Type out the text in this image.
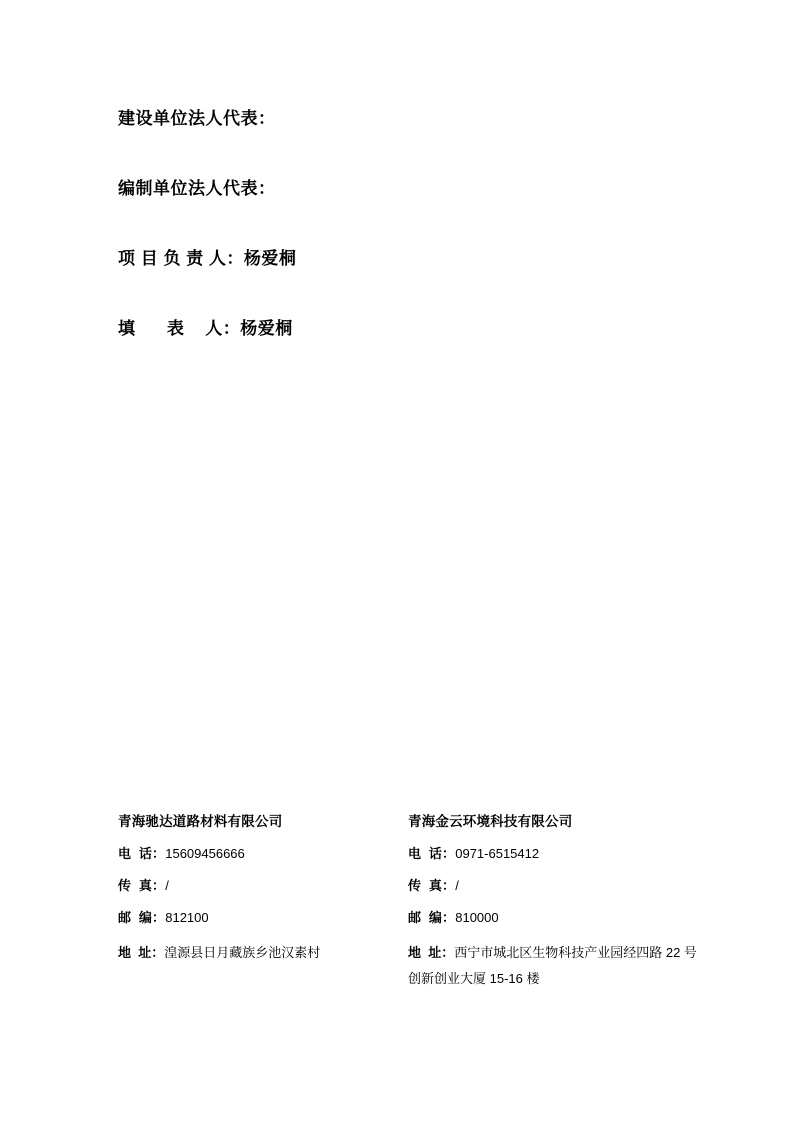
建设单位法人代表：
编制单位法人代表：
项 目 负 责 人：杨爱桐
填      表    人：杨爱桐
青海驰达道路材料有限公司
电  话：15609456666
传  真：/
邮  编：812100
地  址：湟源县日月藏族乡池汉素村
青海金云环境科技有限公司
电  话：0971-6515412
传  真：/
邮  编：810000
地  址：西宁市城北区生物科技产业园经四路 22 号创新创业大厦 15-16 楼
